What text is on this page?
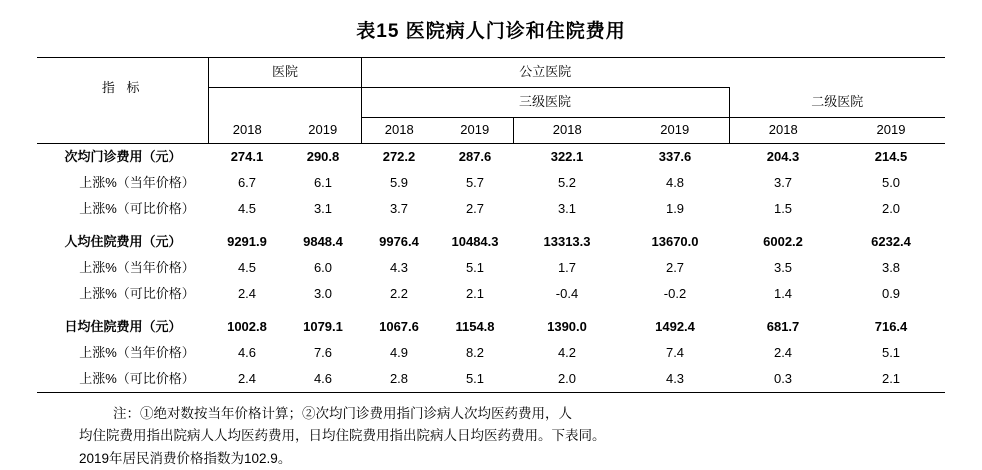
表15 医院病人门诊和住院费用
指 标	医院		公立医院					
			三级医院				二级医院	
	2018	2019	2018	2019	2018	2019	2018	2019
次均门诊费用（元）	274.1	290.8	272.2	287.6	322.1	337.6	204.3	214.5
上涨%（当年价格）	6.7	6.1	5.9	5.7	5.2	4.8	3.7	5.0
上涨%（可比价格）	4.5	3.1	3.7	2.7	3.1	1.9	1.5	2.0
人均住院费用（元）	9291.9	9848.4	9976.4	10484.3	13313.3	13670.0	6002.2	6232.4
上涨%（当年价格）	4.5	6.0	4.3	5.1	1.7	2.7	3.5	3.8
上涨%（可比价格）	2.4	3.0	2.2	2.1	-0.4	-0.2	1.4	0.9
日均住院费用（元）	1002.8	1079.1	1067.6	1154.8	1390.0	1492.4	681.7	716.4
上涨%（当年价格）	4.6	7.6	4.9	8.2	4.2	7.4	2.4	5.1
上涨%（可比价格）	2.4	4.6	2.8	5.1	2.0	4.3	0.3	2.1

注：①绝对数按当年价格计算；②次均门诊费用指门诊病人次均医药费用，人

均住院费用指出院病人人均医药费用，日均住院费用指出院病人日均医药费用。下表同。

2019年居民消费价格指数为102.9。
